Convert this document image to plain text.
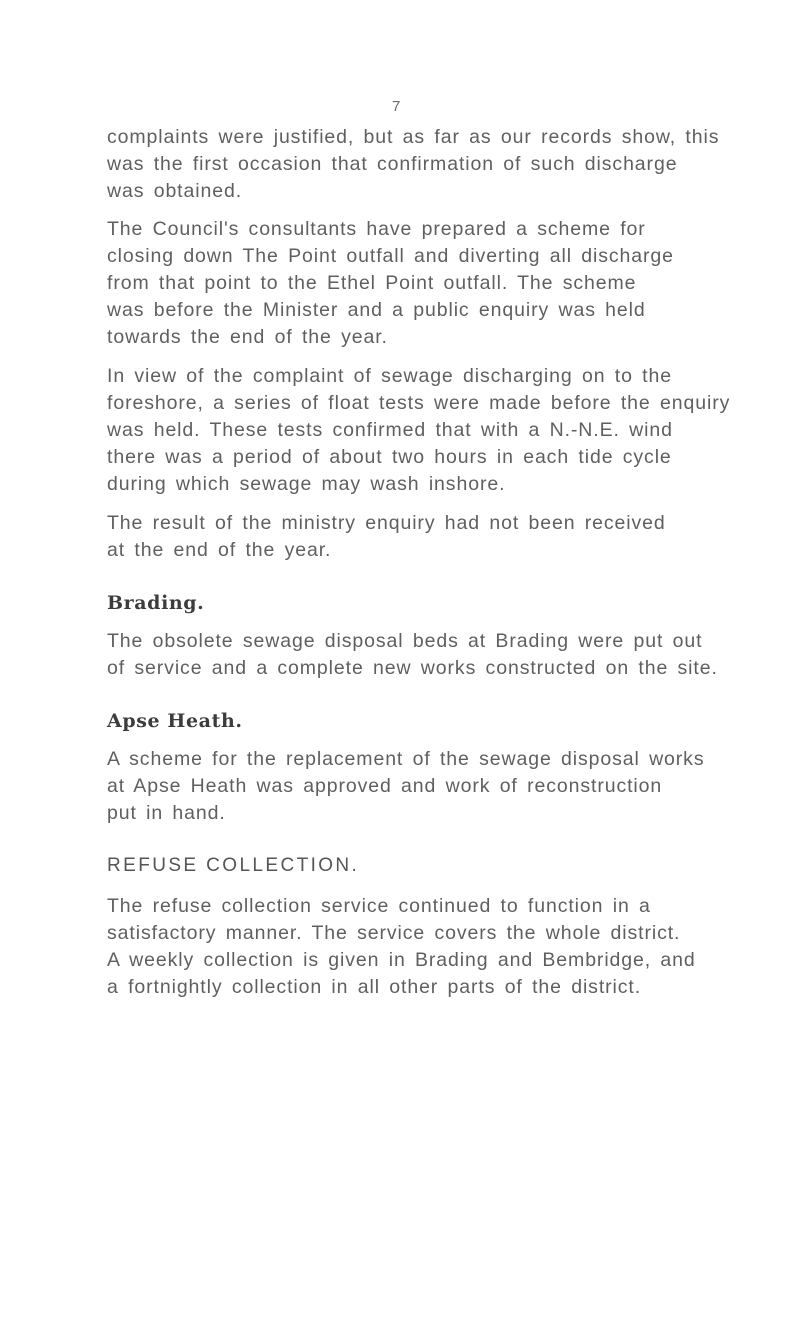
7
complaints were justified, but as far as our records show, this
was the first occasion that confirmation of such discharge
was obtained.
The Council's consultants have prepared a scheme for
closing down The Point outfall and diverting all discharge
from that point to the Ethel Point outfall. The scheme
was before the Minister and a public enquiry was held
towards the end of the year.
In view of the complaint of sewage discharging on to the
foreshore, a series of float tests were made before the enquiry
was held. These tests confirmed that with a N.-N.E. wind
there was a period of about two hours in each tide cycle
during which sewage may wash inshore.
The result of the ministry enquiry had not been received
at the end of the year.
Brading.
The obsolete sewage disposal beds at Brading were put out
of service and a complete new works constructed on the site.
Apse Heath.
A scheme for the replacement of the sewage disposal works
at Apse Heath was approved and work of reconstruction
put in hand.
REFUSE COLLECTION.
The refuse collection service continued to function in a
satisfactory manner. The service covers the whole district.
A weekly collection is given in Brading and Bembridge, and
a fortnightly collection in all other parts of the district.
